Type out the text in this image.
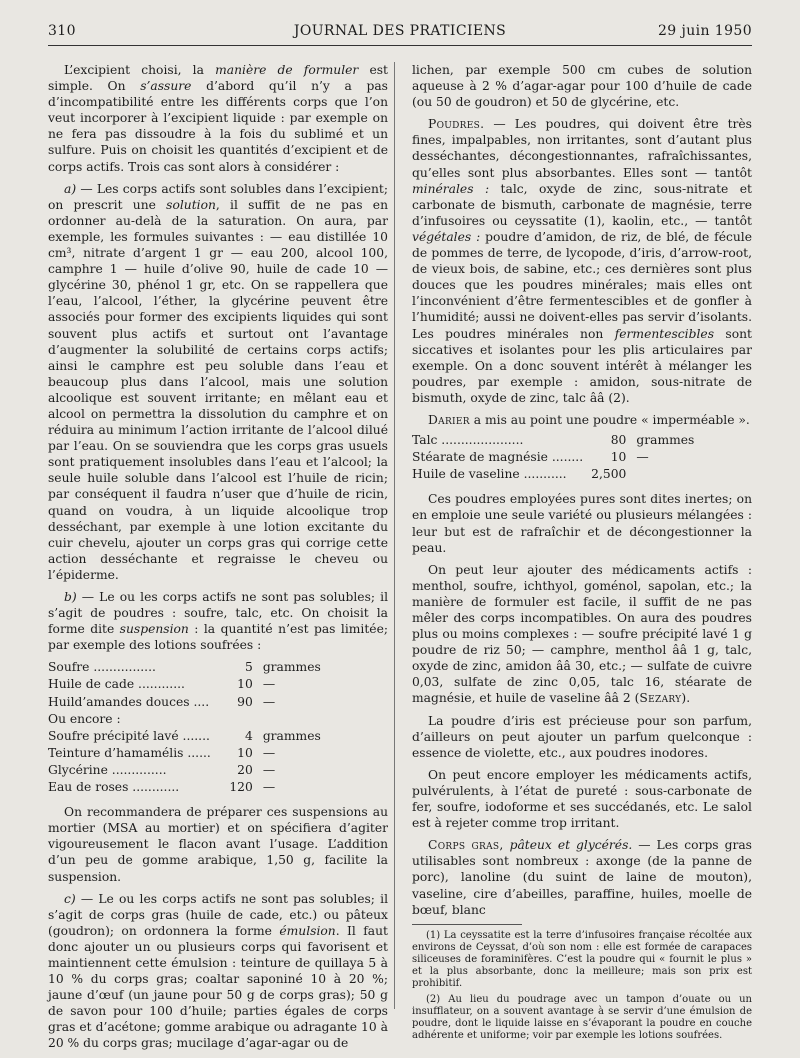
310	JOURNAL DES PRATICIENS	29 juin 1950

L’excipient choisi, la manière de formuler est simple. On s’assure d’abord qu’il n’y a pas d’incompatibilité entre les différents corps que l’on veut incorporer à l’excipient liquide : par exemple on ne fera pas dissoudre à la fois du sublimé et un sulfure. Puis on choisit les quantités d’excipient et de corps actifs. Trois cas sont alors à considérer :

a) — Les corps actifs sont solubles dans l’excipient; on prescrit une solution, il suffit de ne pas en ordonner au-delà de la saturation. On aura, par exemple, les formules suivantes : — eau distillée 10 cm³, nitrate d’argent 1 gr — eau 200, alcool 100, camphre 1 — huile d’olive 90, huile de cade 10 — glycérine 30, phénol 1 gr, etc. On se rappellera que l’eau, l’alcool, l’éther, la glycérine peuvent être associés pour former des excipients liquides qui sont souvent plus actifs et surtout ont l’avantage d’augmenter la solubilité de certains corps actifs; ainsi le camphre est peu soluble dans l’eau et beaucoup plus dans l’alcool, mais une solution alcoolique est souvent irritante; en mêlant eau et alcool on permettra la dissolution du camphre et on réduira au minimum l’action irritante de l’alcool dilué par l’eau. On se souviendra que les corps gras usuels sont pratiquement insolubles dans l’eau et l’alcool; la seule huile soluble dans l’alcool est l’huile de ricin; par conséquent il faudra n’user que d’huile de ricin, quand on voudra, à un liquide alcoolique trop desséchant, par exemple à une lotion excitante du cuir chevelu, ajouter un corps gras qui corrige cette action desséchante et regraisse le cheveu ou l’épiderme.

b) — Le ou les corps actifs ne sont pas solubles; il s’agit de poudres : soufre, talc, etc. On choisit la forme dite suspension : la quantité n’est pas limitée; par exemple des lotions soufrées :

Soufre ................	5	grammes
Huile de cade ............	10	—
Huild’amandes douces ....	90	—
Ou encore :		
Soufre précipité lavé .......	4	grammes
Teinture d’hamamélis ......	10	—
Glycérine ..............	20	—
Eau de roses ............	120	—

On recommandera de préparer ces suspensions au mortier (MSA au mortier) et on spécifiera d’agiter vigoureusement le flacon avant l’usage. L’addition d’un peu de gomme arabique, 1,50 g, facilite la suspension.

c) — Le ou les corps actifs ne sont pas solubles; il s’agit de corps gras (huile de cade, etc.) ou pâteux (goudron); on ordonnera la forme émulsion. Il faut donc ajouter un ou plusieurs corps qui favorisent et maintiennent cette émulsion : teinture de quillaya 5 à 10 % du corps gras; coaltar saponiné 10 à 20 %; jaune d’œuf (un jaune pour 50 g de corps gras); 50 g de savon pour 100 d’huile; parties égales de corps gras et d’acétone; gomme arabique ou adragante 10 à 20 % du corps gras; mucilage d’agar-agar ou de

lichen, par exemple 500 cm cubes de solution aqueuse à 2 % d’agar-agar pour 100 d’huile de cade (ou 50 de goudron) et 50 de glycérine, etc.

Poudres. — Les poudres, qui doivent être très fines, impalpables, non irritantes, sont d’autant plus desséchantes, décongestionnantes, rafraîchissantes, qu’elles sont plus absorbantes. Elles sont — tantôt minérales : talc, oxyde de zinc, sous-nitrate et carbonate de bismuth, carbonate de magnésie, terre d’infusoires ou ceyssatite (1), kaolin, etc., — tantôt végétales : poudre d’amidon, de riz, de blé, de fécule de pommes de terre, de lycopode, d’iris, d’arrow-root, de vieux bois, de sabine, etc.; ces dernières sont plus douces que les poudres minérales; mais elles ont l’inconvénient d’être fermentescibles et de gonfler à l’humidité; aussi ne doivent-elles pas servir d’isolants. Les poudres minérales non fermentescibles sont siccatives et isolantes pour les plis articulaires par exemple. On a donc souvent intérêt à mélanger les poudres, par exemple : amidon, sous-nitrate de bismuth, oxyde de zinc, talc ââ (2).

Darier a mis au point une poudre « imperméable ».

Talc .....................	80	grammes
Stéarate de magnésie ........	10	—
Huile de vaseline ...........	2,500	

Ces poudres employées pures sont dites inertes; on en emploie une seule variété ou plusieurs mélangées : leur but est de rafraîchir et de décongestionner la peau.

On peut leur ajouter des médicaments actifs : menthol, soufre, ichthyol, goménol, sapolan, etc.; la manière de formuler est facile, il suffit de ne pas mêler des corps incompatibles. On aura des poudres plus ou moins complexes : — soufre précipité lavé 1 g poudre de riz 50; — camphre, menthol ââ 1 g, talc, oxyde de zinc, amidon ââ 30, etc.; — sulfate de cuivre 0,03, sulfate de zinc 0,05, talc 16, stéarate de magnésie, et huile de vaseline ââ 2 (Sezary).

La poudre d’iris est précieuse pour son parfum, d’ailleurs on peut ajouter un parfum quelconque : essence de violette, etc., aux poudres inodores.

On peut encore employer les médicaments actifs, pulvérulents, à l’état de pureté : sous-carbonate de fer, soufre, iodoforme et ses succédanés, etc. Le salol est à rejeter comme trop irritant.

Corps gras, pâteux et glycérés. — Les corps gras utilisables sont nombreux : axonge (de la panne de porc), lanoline (du suint de laine de mouton), vaseline, cire d’abeilles, paraffine, huiles, moelle de bœuf, blanc

(1) La ceyssatite est la terre d’infusoires française récoltée aux environs de Ceyssat, d’où son nom : elle est formée de carapaces siliceuses de foraminifères. C’est la poudre qui « fournit le plus » et la plus absorbante, donc la meilleure; mais son prix est prohibitif.

(2) Au lieu du poudrage avec un tampon d’ouate ou un insufflateur, on a souvent avantage à se servir d’une émulsion de poudre, dont le liquide laisse en s’évaporant la poudre en couche adhérente et uniforme; voir par exemple les lotions soufrées.
